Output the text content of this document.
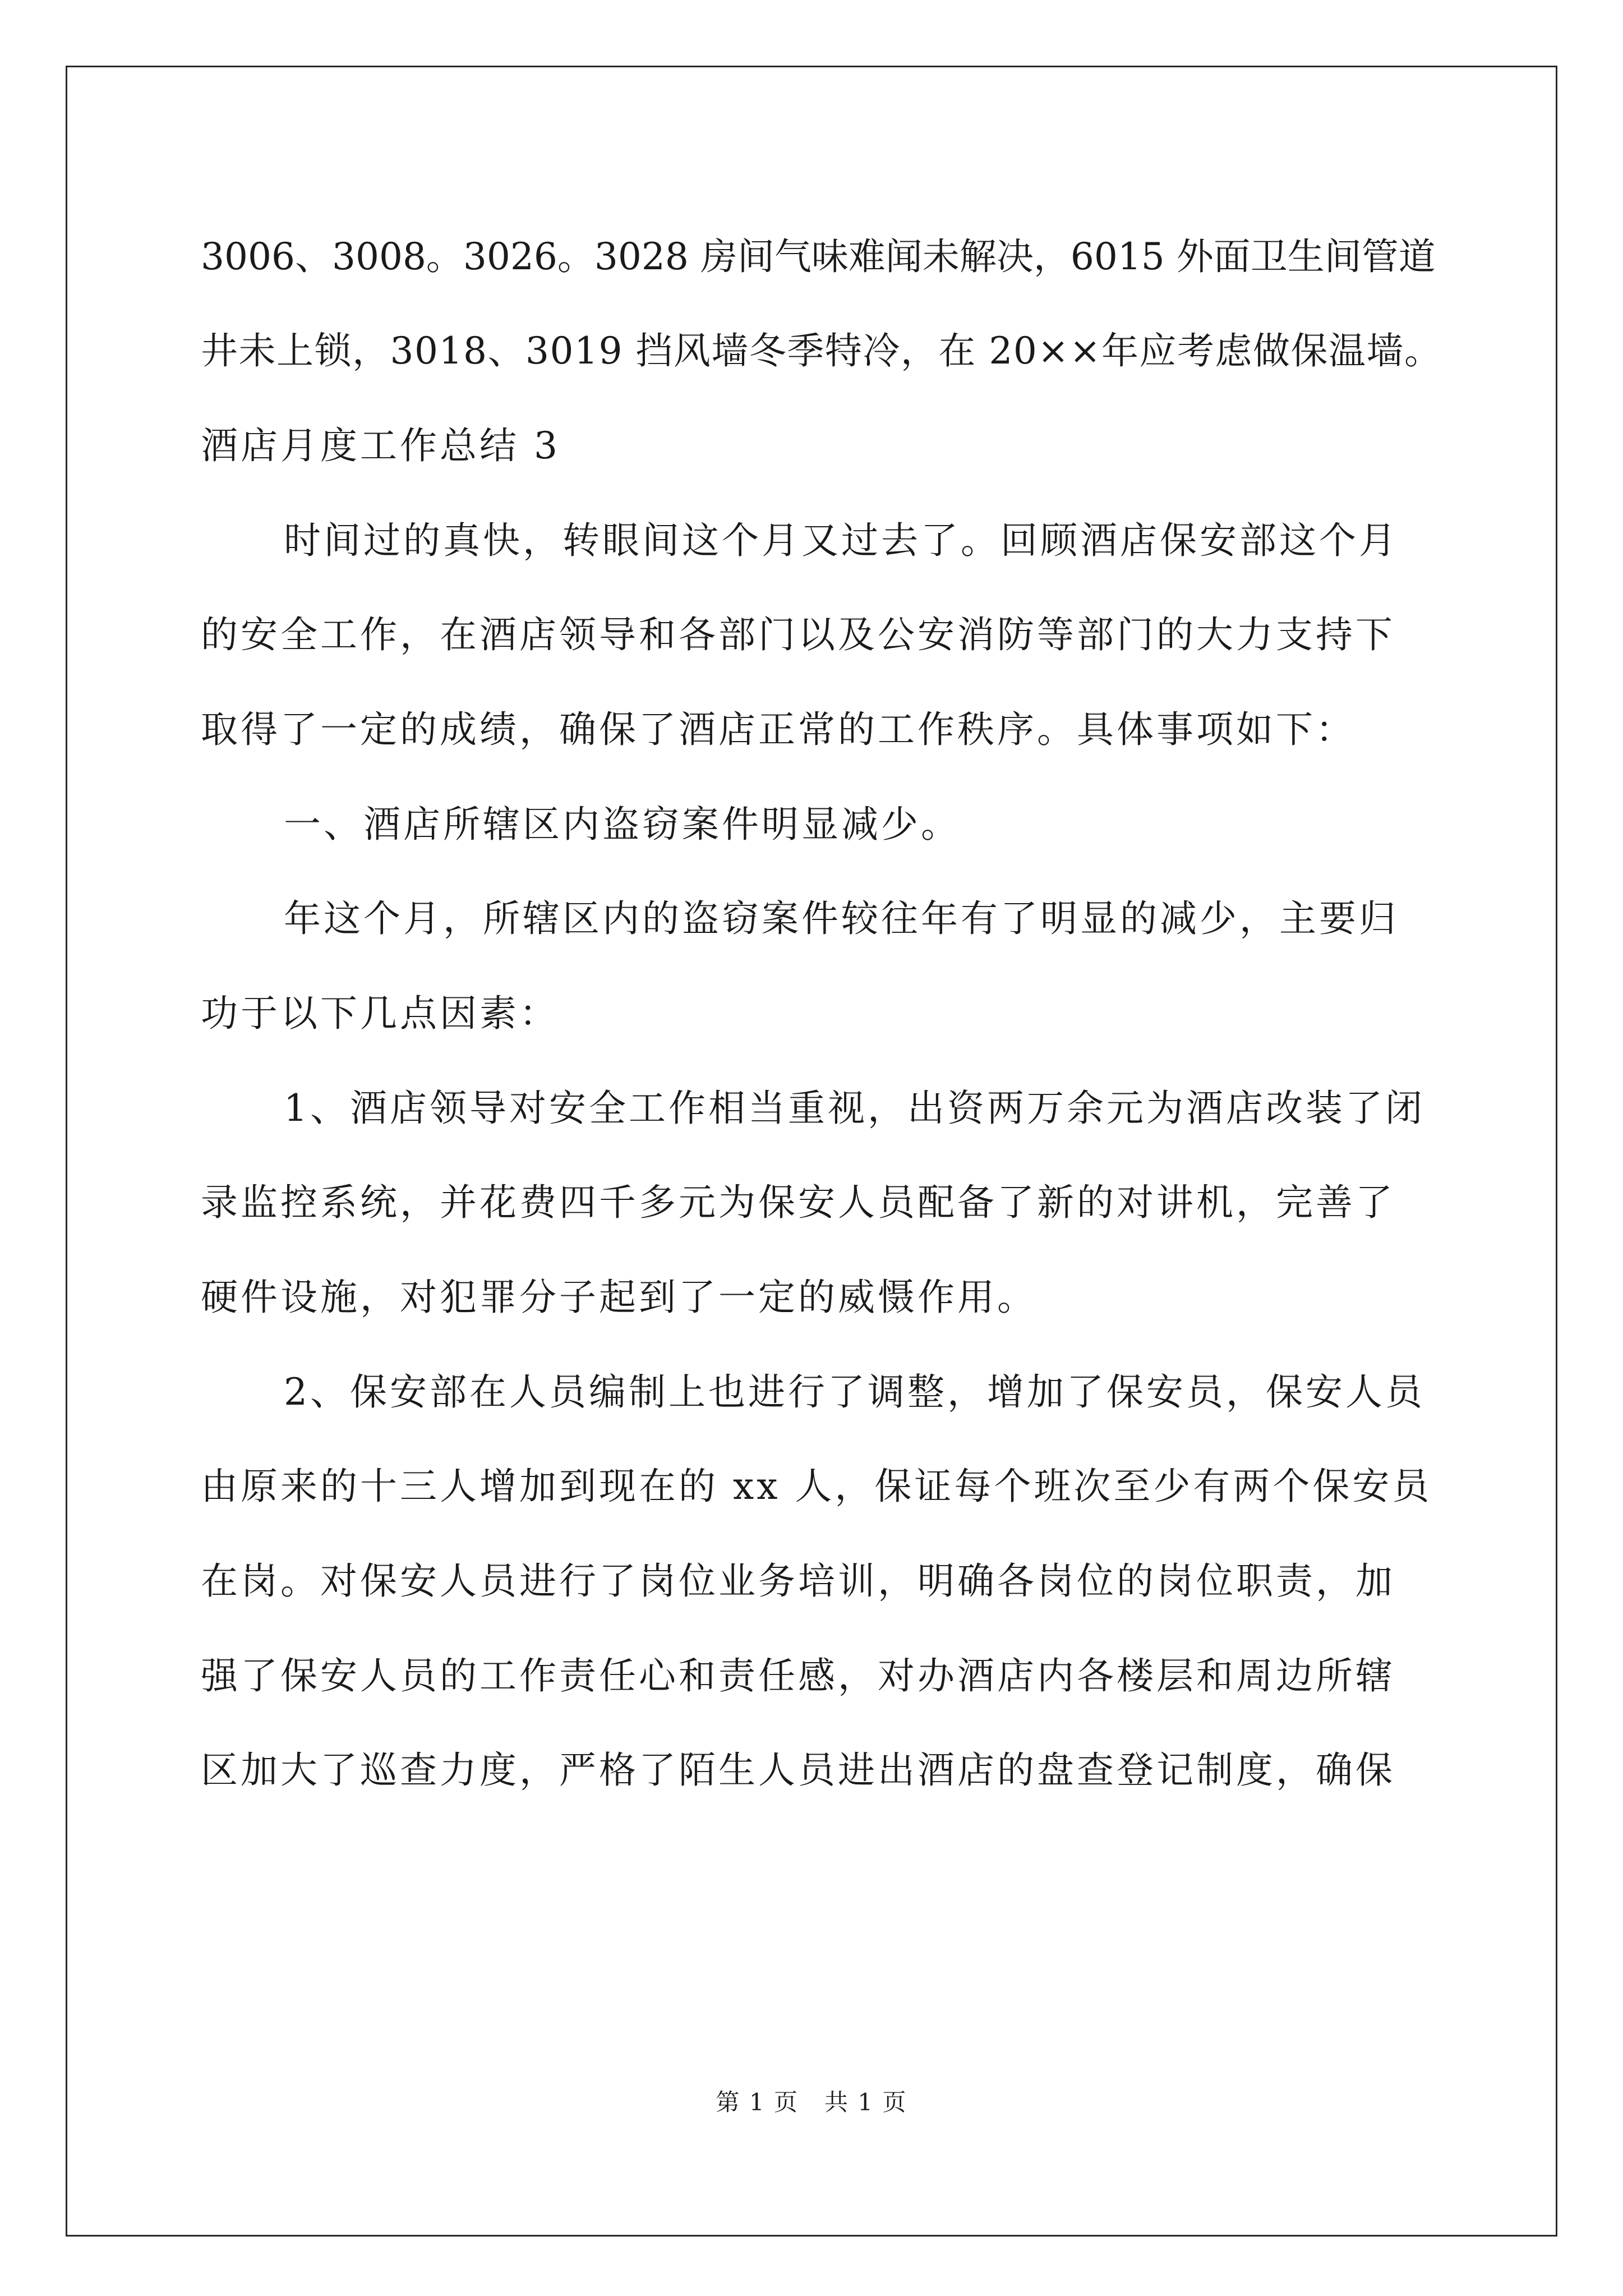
3006、3008。3026。3028 房间气味难闻未解决，6015 外面卫生间管道
井未上锁，3018、3019 挡风墙冬季特冷，在 20××年应考虑做保温墙。
酒店月度工作总结 3
时间过的真快，转眼间这个月又过去了。回顾酒店保安部这个月
的安全工作，在酒店领导和各部门以及公安消防等部门的大力支持下
取得了一定的成绩，确保了酒店正常的工作秩序。具体事项如下：
一、酒店所辖区内盗窃案件明显减少。
年这个月，所辖区内的盗窃案件较往年有了明显的减少，主要归
功于以下几点因素：
1、酒店领导对安全工作相当重视，出资两万余元为酒店改装了闭
录监控系统，并花费四千多元为保安人员配备了新的对讲机，完善了
硬件设施，对犯罪分子起到了一定的威慑作用。
2、保安部在人员编制上也进行了调整，增加了保安员，保安人员
由原来的十三人增加到现在的 xx 人，保证每个班次至少有两个保安员
在岗。对保安人员进行了岗位业务培训，明确各岗位的岗位职责，加
强了保安人员的工作责任心和责任感，对办酒店内各楼层和周边所辖
区加大了巡查力度，严格了陌生人员进出酒店的盘查登记制度，确保
第 1 页   共 1 页
